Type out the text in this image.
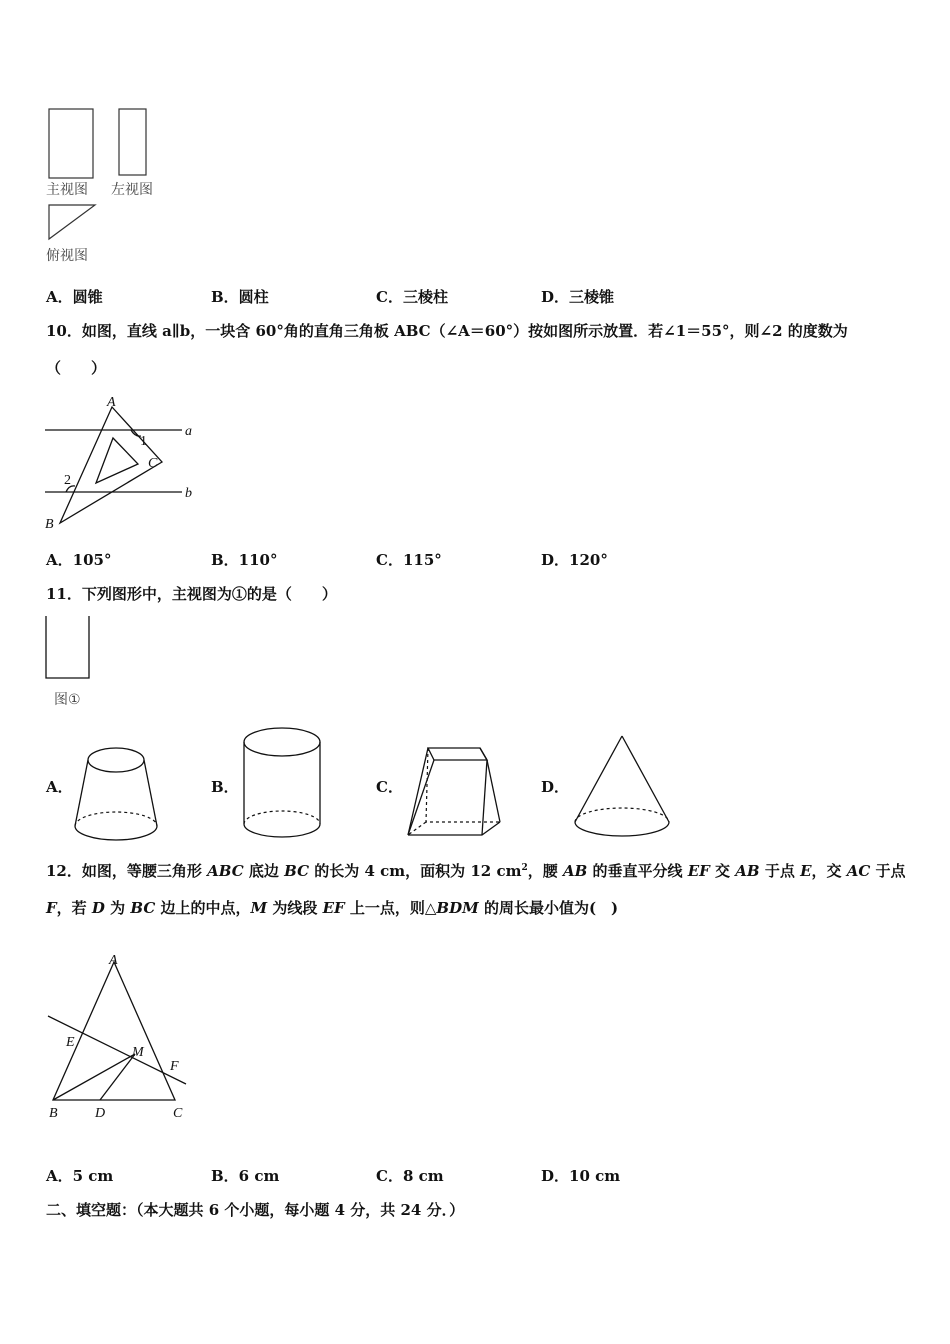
主视图 左视图
俯视图
A．圆锥	B．圆柱	C．三棱柱	D．三棱锥
10．如图，直线 a∥b，一块含 60°角的直角三角板 ABC（∠A＝60°）按如图所示放置．若∠1＝55°，则∠2 的度数为
（　　）
A
1
a
C
2
b
B
A．105°	B．110°	C．115°	D．120°
11．下列图形中，主视图为①的是（　　）
图①
A．	B．	C．	D．
12．如图，等腰三角形 ABC 底边 BC 的长为 4 cm，面积为 12 $cm^2$，腰 AB 的垂直平分线 EF 交 AB 于点 E，交 AC 于点
F，若 D 为 BC 边上的中点，M 为线段 EF 上一点，则△BDM 的周长最小值为(　)
A
E
M
F
B	D	C
A．5 cm	B．6 cm	C．8 cm	D．10 cm
二、填空题：（本大题共 6 个小题，每小题 4 分，共 24 分．）
